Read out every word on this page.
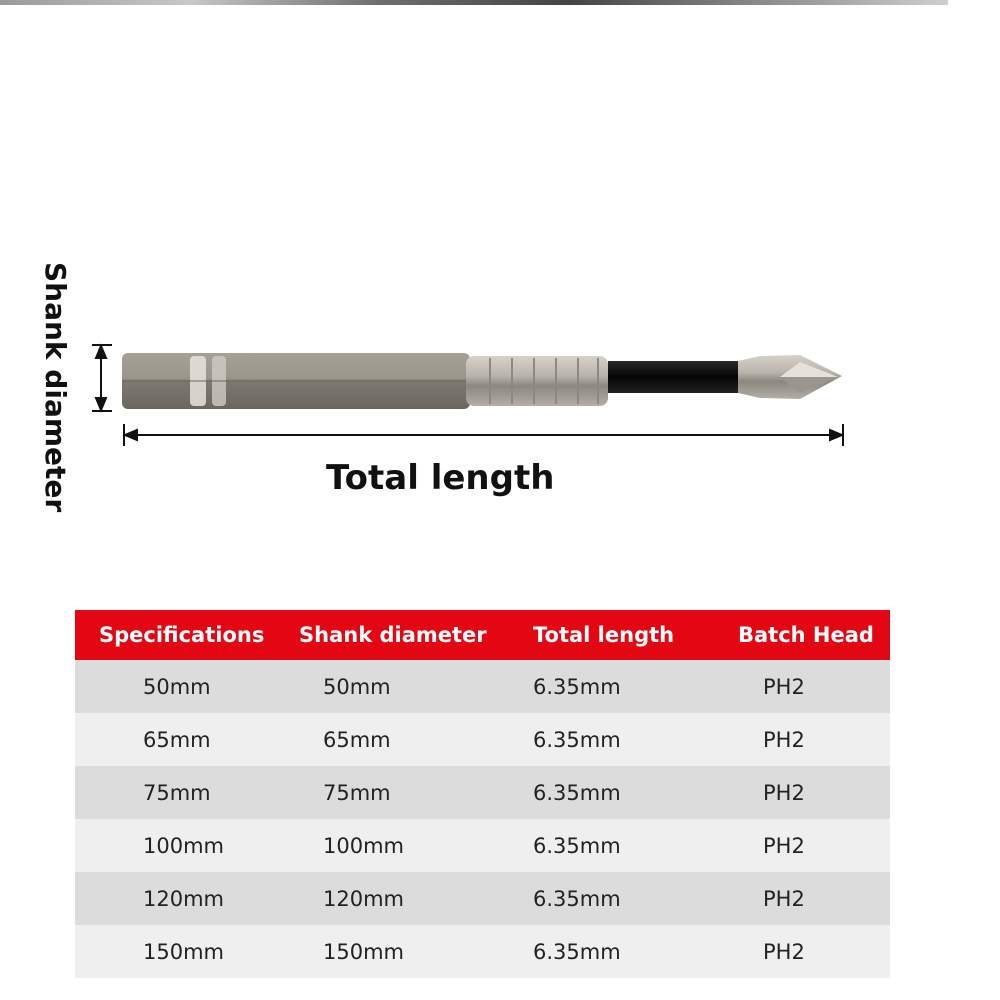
Shank diameter	Total length
Specifications	Shank diameter	Total length	Batch Head
50mm	50mm	6.35mm	PH2
65mm	65mm	6.35mm	PH2
75mm	75mm	6.35mm	PH2
100mm	100mm	6.35mm	PH2
120mm	120mm	6.35mm	PH2
150mm	150mm	6.35mm	PH2
